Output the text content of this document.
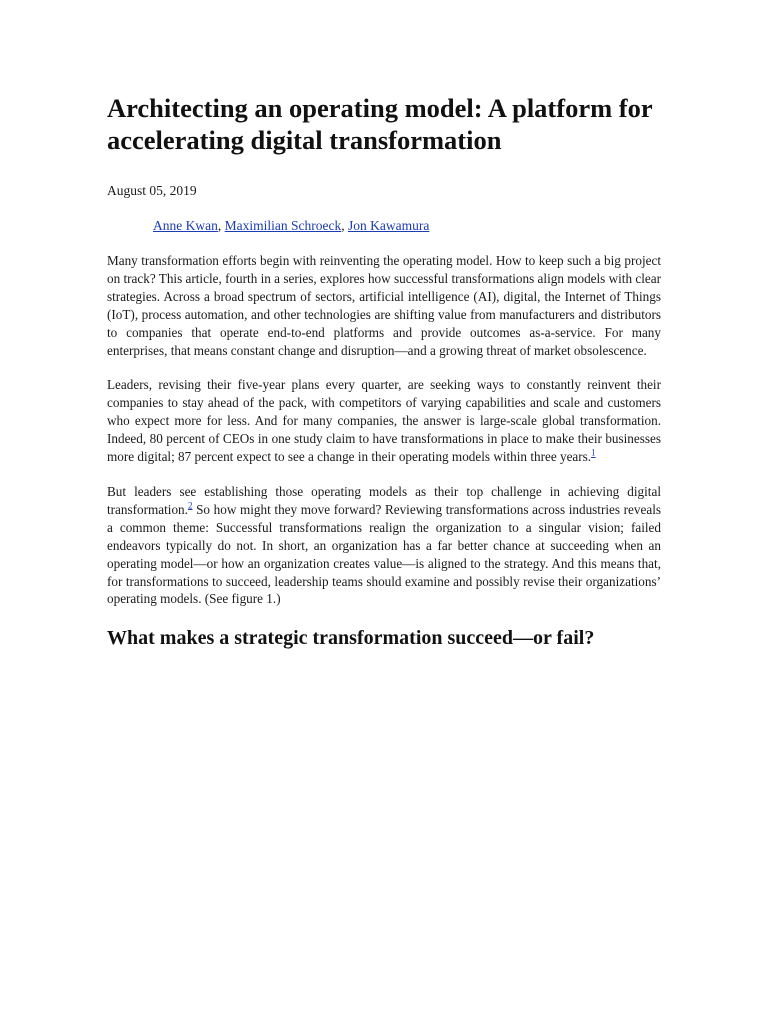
Architecting an operating model: A platform for accelerating digital transformation
August 05, 2019
Anne Kwan, Maximilian Schroeck, Jon Kawamura

Many transformation efforts begin with reinventing the operating model. How to keep such a big project on track? This article, fourth in a series, explores how successful transformations align models with clear strategies. Across a broad spectrum of sectors, artificial intelligence (AI), digital, the Internet of Things (IoT), process automation, and other technologies are shifting value from manufacturers and distributors to companies that operate end-to-end platforms and provide outcomes as-a-service. For many enterprises, that means constant change and disruption—and a growing threat of market obsolescence.

Leaders, revising their five-year plans every quarter, are seeking ways to constantly reinvent their companies to stay ahead of the pack, with competitors of varying capabilities and scale and customers who expect more for less. And for many companies, the answer is large-scale global transformation. Indeed, 80 percent of CEOs in one study claim to have transformations in place to make their businesses more digital; 87 percent expect to see a change in their operating models within three years.$^1$

But leaders see establishing those operating models as their top challenge in achieving digital transformation.$^2$ So how might they move forward? Reviewing transformations across industries reveals a common theme: Successful transformations realign the organization to a singular vision; failed endeavors typically do not. In short, an organization has a far better chance at succeeding when an operating model—or how an organization creates value—is aligned to the strategy. And this means that, for transformations to succeed, leadership teams should examine and possibly revise their organizations’ operating models. (See figure 1.)

What makes a strategic transformation succeed—or fail?
